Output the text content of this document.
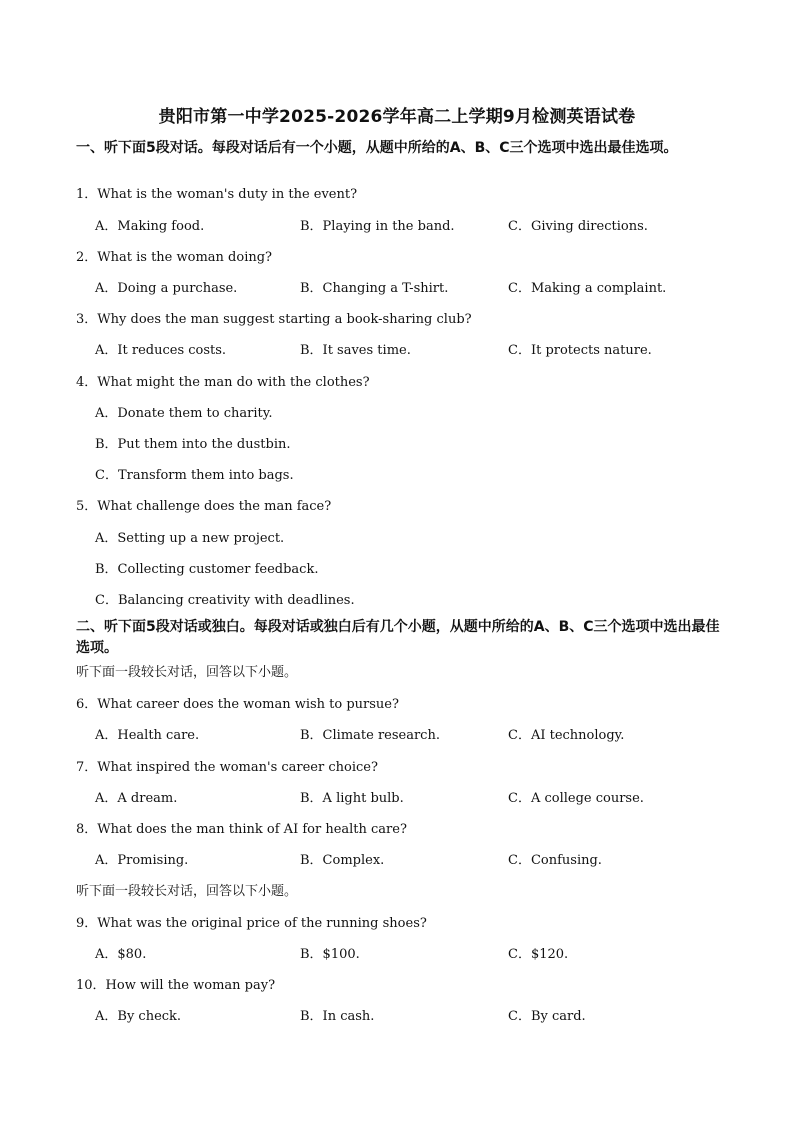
贵阳市第一中学2025-2026学年高二上学期9月检测英语试卷
一、听下面5段对话。每段对话后有一个小题，从题中所给的A、B、C三个选项中选出最佳选项。
1．What is the woman's duty in the event?
A．Making food.	B．Playing in the band.	C．Giving directions.
2．What is the woman doing?
A．Doing a purchase.	B．Changing a T-shirt.	C．Making a complaint.
3．Why does the man suggest starting a book-sharing club?
A．It reduces costs.	B．It saves time.	C．It protects nature.
4．What might the man do with the clothes?
A．Donate them to charity.
B．Put them into the dustbin.
C．Transform them into bags.
5．What challenge does the man face?
A．Setting up a new project.
B．Collecting customer feedback.
C．Balancing creativity with deadlines.
二、听下面5段对话或独白。每段对话或独白后有几个小题，从题中所给的A、B、C三个选项中选出最佳选项。
听下面一段较长对话，回答以下小题。
6．What career does the woman wish to pursue?
A．Health care.	B．Climate research.	C．AI technology.
7．What inspired the woman's career choice?
A．A dream.	B．A light bulb.	C．A college course.
8．What does the man think of AI for health care?
A．Promising.	B．Complex.	C．Confusing.
听下面一段较长对话，回答以下小题。
9．What was the original price of the running shoes?
A．$80.	B．$100.	C．$120.
10．How will the woman pay?
A．By check.	B．In cash.	C．By card.
